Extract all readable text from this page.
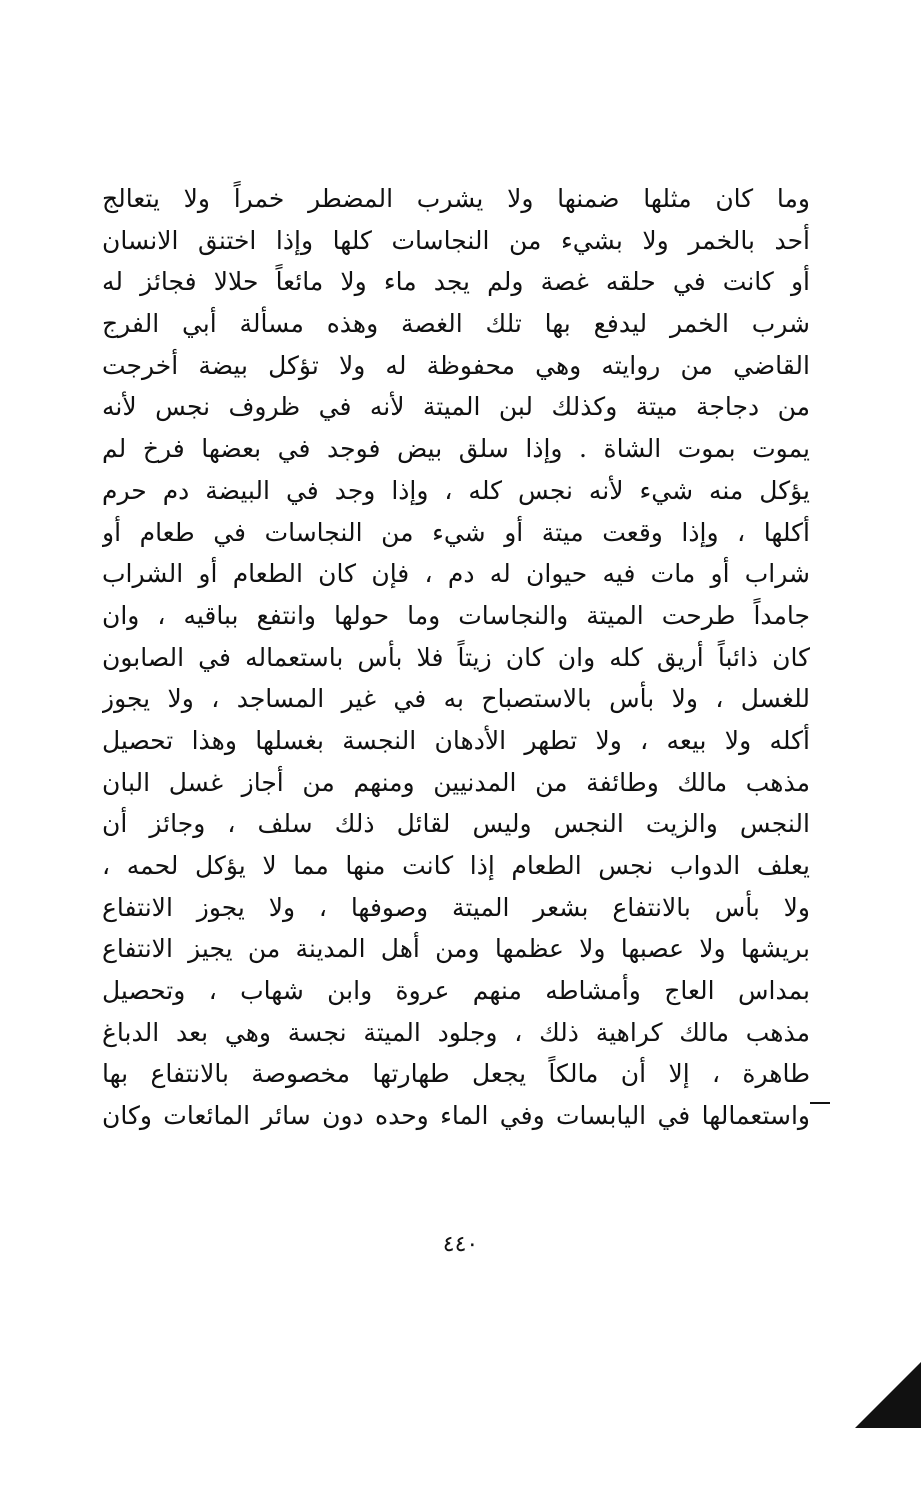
وما كان مثلها ضمنها ولا يشرب المضطر خمراً ولا يتعالج
أحد بالخمر ولا بشيء من النجاسات كلها وإذا اختنق الانسان
أو كانت في حلقه غصة ولم يجد ماء ولا مائعاً حلالا فجائز له
شرب الخمر ليدفع بها تلك الغصة وهذه مسألة أبي الفرج
القاضي من روايته وهي محفوظة له ولا تؤكل بيضة أخرجت
من دجاجة ميتة وكذلك لبن الميتة لأنه في ظروف نجس لأنه
يموت بموت الشاة . وإذا سلق بيض فوجد في بعضها فرخ لم
يؤكل منه شيء لأنه نجس كله ، وإذا وجد في البيضة دم حرم
أكلها ، وإذا وقعت ميتة أو شيء من النجاسات في طعام أو
شراب أو مات فيه حيوان له دم ، فإن كان الطعام أو الشراب
جامداً طرحت الميتة والنجاسات وما حولها وانتفع بباقيه ، وان
كان ذائباً أريق كله وان كان زيتاً فلا بأس باستعماله في الصابون
للغسل ، ولا بأس بالاستصباح به في غير المساجد ، ولا يجوز
أكله ولا بيعه ، ولا تطهر الأدهان النجسة بغسلها وهذا تحصيل
مذهب مالك وطائفة من المدنيين ومنهم من أجاز غسل البان
النجس والزيت النجس وليس لقائل ذلك سلف ، وجائز أن
يعلف الدواب نجس الطعام إذا كانت منها مما لا يؤكل لحمه ،
ولا بأس بالانتفاع بشعر الميتة وصوفها ، ولا يجوز الانتفاع
بريشها ولا عصبها ولا عظمها ومن أهل المدينة من يجيز الانتفاع
بمداس العاج وأمشاطه منهم عروة وابن شهاب ، وتحصيل
مذهب مالك كراهية ذلك ، وجلود الميتة نجسة وهي بعد الدباغ
طاهرة ، إلا أن مالكاً يجعل طهارتها مخصوصة بالانتفاع بها
واستعمالها في اليابسات وفي الماء وحده دون سائر المائعات وكان
٤٤٠
